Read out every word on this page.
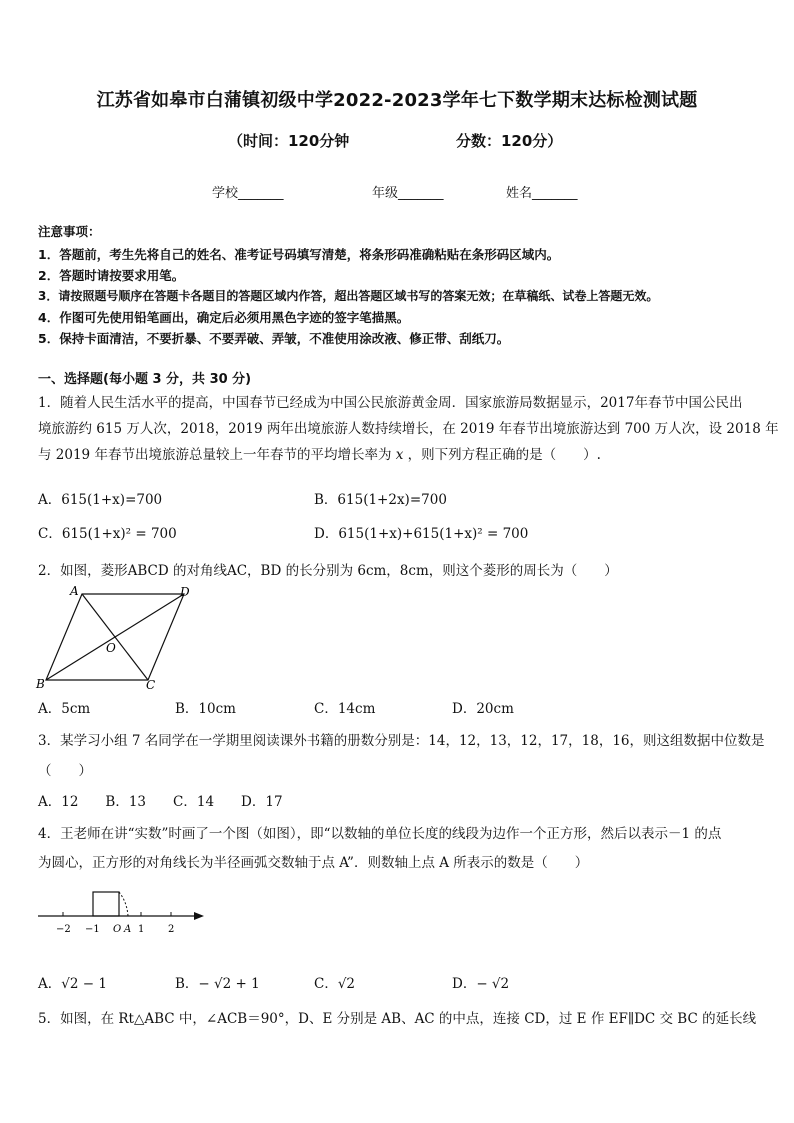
江苏省如皋市白蒲镇初级中学2022-2023学年七下数学期末达标检测试题
（时间：120分钟	分数：120分）
学校_______	年级_______	姓名_______
注意事项：
1．答题前，考生先将自己的姓名、准考证号码填写清楚，将条形码准确粘贴在条形码区域内。
2．答题时请按要求用笔。
3．请按照题号顺序在答题卡各题目的答题区域内作答，超出答题区域书写的答案无效；在草稿纸、试卷上答题无效。
4．作图可先使用铅笔画出，确定后必须用黑色字迹的签字笔描黑。
5．保持卡面清洁，不要折暴、不要弄破、弄皱，不准使用涂改液、修正带、刮纸刀。
一、选择题(每小题 3 分，共 30 分)
1．随着人民生活水平的提高，中国春节已经成为中国公民旅游黄金周．国家旅游局数据显示，2017年春节中国公民出
境旅游约 615 万人次，2018，2019 两年出境旅游人数持续增长，在 2019 年春节出境旅游达到 700 万人次，设 2018 年
与 2019 年春节出境旅游总量较上一年春节的平均增长率为 x ，则下列方程正确的是（　　）.
A．615(1+x)=700	B．615(1+2x)=700
C．615(1+x)² = 700	D．615(1+x)+615(1+x)² = 700
2．如图，菱形ABCD 的对角线AC，BD 的长分别为 6cm，8cm，则这个菱形的周长为（　　）
A	D
B	C
O
A．5cm	B．10cm	C．14cm	D．20cm
3．某学习小组 7 名同学在一学期里阅读课外书籍的册数分别是：14，12，13，12，17，18，16，则这组数据中位数是
（　　）
A．12　　B．13　　C．14　　D．17
4．王老师在讲“实数”时画了一个图（如图），即“以数轴的单位长度的线段为边作一个正方形，然后以表示－1 的点
为圆心，正方形的对角线长为半径画弧交数轴于点 A”．则数轴上点 A 所表示的数是（　　）
−2 −1 O A 1 2
A．√2 − 1	B．− √2 + 1	C．√2	D．− √2
5．如图，在 Rt△ABC 中，∠ACB＝90°，D、E 分别是 AB、AC 的中点，连接 CD，过 E 作 EF∥DC 交 BC 的延长线
